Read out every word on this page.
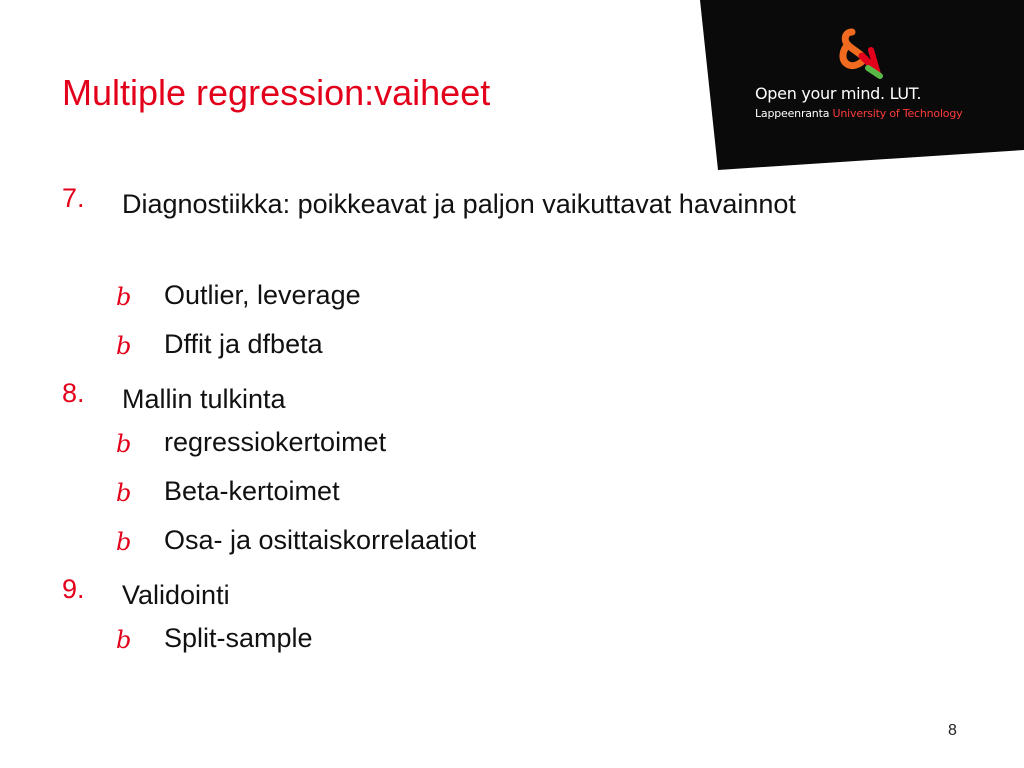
Multiple regression:vaiheet	Open your mind. LUT.
Lappeenranta University of Technology
7. Diagnostiikka: poikkeavat ja paljon vaikuttavat havainnot
b Outlier, leverage
b Dffit ja dfbeta
8. Mallin tulkinta
b regressiokertoimet
b Beta-kertoimet
b Osa- ja osittaiskorrelaatiot
9. Validointi
b Split-sample
8
